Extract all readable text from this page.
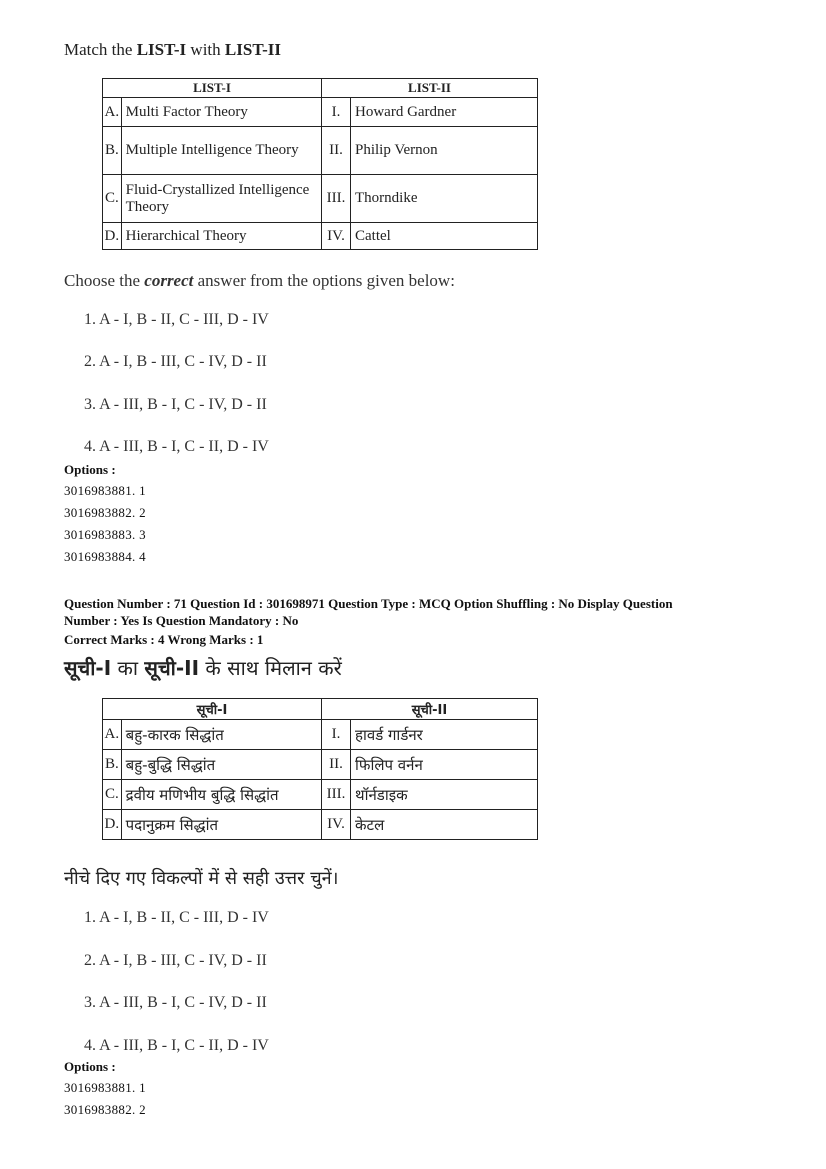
Match the LIST-I with LIST-II
LIST-I		LIST-II	
A.	Multi Factor Theory	I.	Howard Gardner
B.	Multiple Intelligence Theory	II.	Philip Vernon
C.	Fluid-Crystallized Intelligence Theory	III.	Thorndike
D.	Hierarchical Theory	IV.	Cattel
Choose the correct answer from the options given below:
1. A - I, B - II, C - III, D - IV
2. A - I, B - III, C - IV, D - II
3. A - III, B - I, C - IV, D - II
4. A - III, B - I, C - II, D - IV
Options :
3016983881. 1
3016983882. 2
3016983883. 3
3016983884. 4
Question Number : 71 Question Id : 301698971 Question Type : MCQ Option Shuffling : No Display Question
Number : Yes Is Question Mandatory : No
Correct Marks : 4 Wrong Marks : 1
सूची-I का सूची-II के साथ मिलान करें
सूची-I		सूची-II	
A.	बहु-कारक सिद्धांत	I.	हावर्ड गार्डनर
B.	बहु-बुद्धि सिद्धांत	II.	फिलिप वर्नन
C.	द्रवीय मणिभीय बुद्धि सिद्धांत	III.	थॉर्नडाइक
D.	पदानुक्रम सिद्धांत	IV.	केटल
नीचे दिए गए विकल्पों में से सही उत्तर चुनें।
1. A - I, B - II, C - III, D - IV
2. A - I, B - III, C - IV, D - II
3. A - III, B - I, C - IV, D - II
4. A - III, B - I, C - II, D - IV
Options :
3016983881. 1
3016983882. 2
